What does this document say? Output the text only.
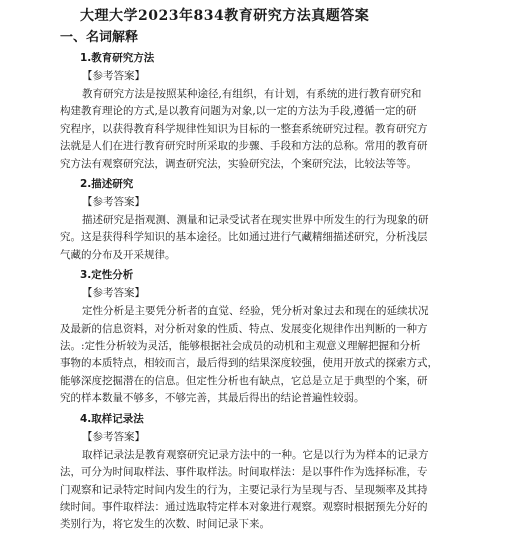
大理大学2023年834教育研究方法真题答案
一、名词解释
1.教育研究方法
【参考答案】

教育研究方法是按照某种途径,有组织，有计划，有系统的进行教育研究和
构建教育理论的方式,是以教育问题为对象,以一定的方法为手段,遵循一定的研
究程序，以获得教育科学规律性知识为目标的一整套系统研究过程。教育研究方
法就是人们在进行教育研究时所采取的步骤、手段和方法的总称。常用的教育研
究方法有观察研究法，调查研究法，实验研究法，个案研究法，比较法等等。

2.描述研究
【参考答案】

描述研究是指观测、测量和记录受试者在现实世界中所发生的行为现象的研
究。这是获得科学知识的基本途径。比如通过进行气藏精细描述研究，分析浅层
气藏的分布及开采规律。

3.定性分析
【参考答案】

定性分析是主要凭分析者的直觉、经验，凭分析对象过去和现在的延续状况
及最新的信息资料，对分析对象的性质、特点、发展变化规律作出判断的一种方
法。:定性分析较为灵活，能够根据社会成员的动机和主观意义理解把握和分析
事物的本质特点，相较而言，最后得到的结果深度较强，使用开放式的探索方式，
能够深度挖掘潜在的信息。但定性分析也有缺点，它总是立足于典型的个案，研
究的样本数量不够多，不够完善，其最后得出的结论普遍性较弱。

4.取样记录法
【参考答案】

取样记录法是教育观察研究记录方法中的一种。它是以行为为样本的记录方
法，可分为时间取样法、事件取样法。时间取样法：是以事件作为选择标准，专
门观察和记录特定时间内发生的行为，主要记录行为呈现与否、呈现频率及其持
续时间。事件取样法：通过选取特定样本对象进行观察。观察时根据预先分好的
类别行为，将它发生的次数、时间记录下来。
